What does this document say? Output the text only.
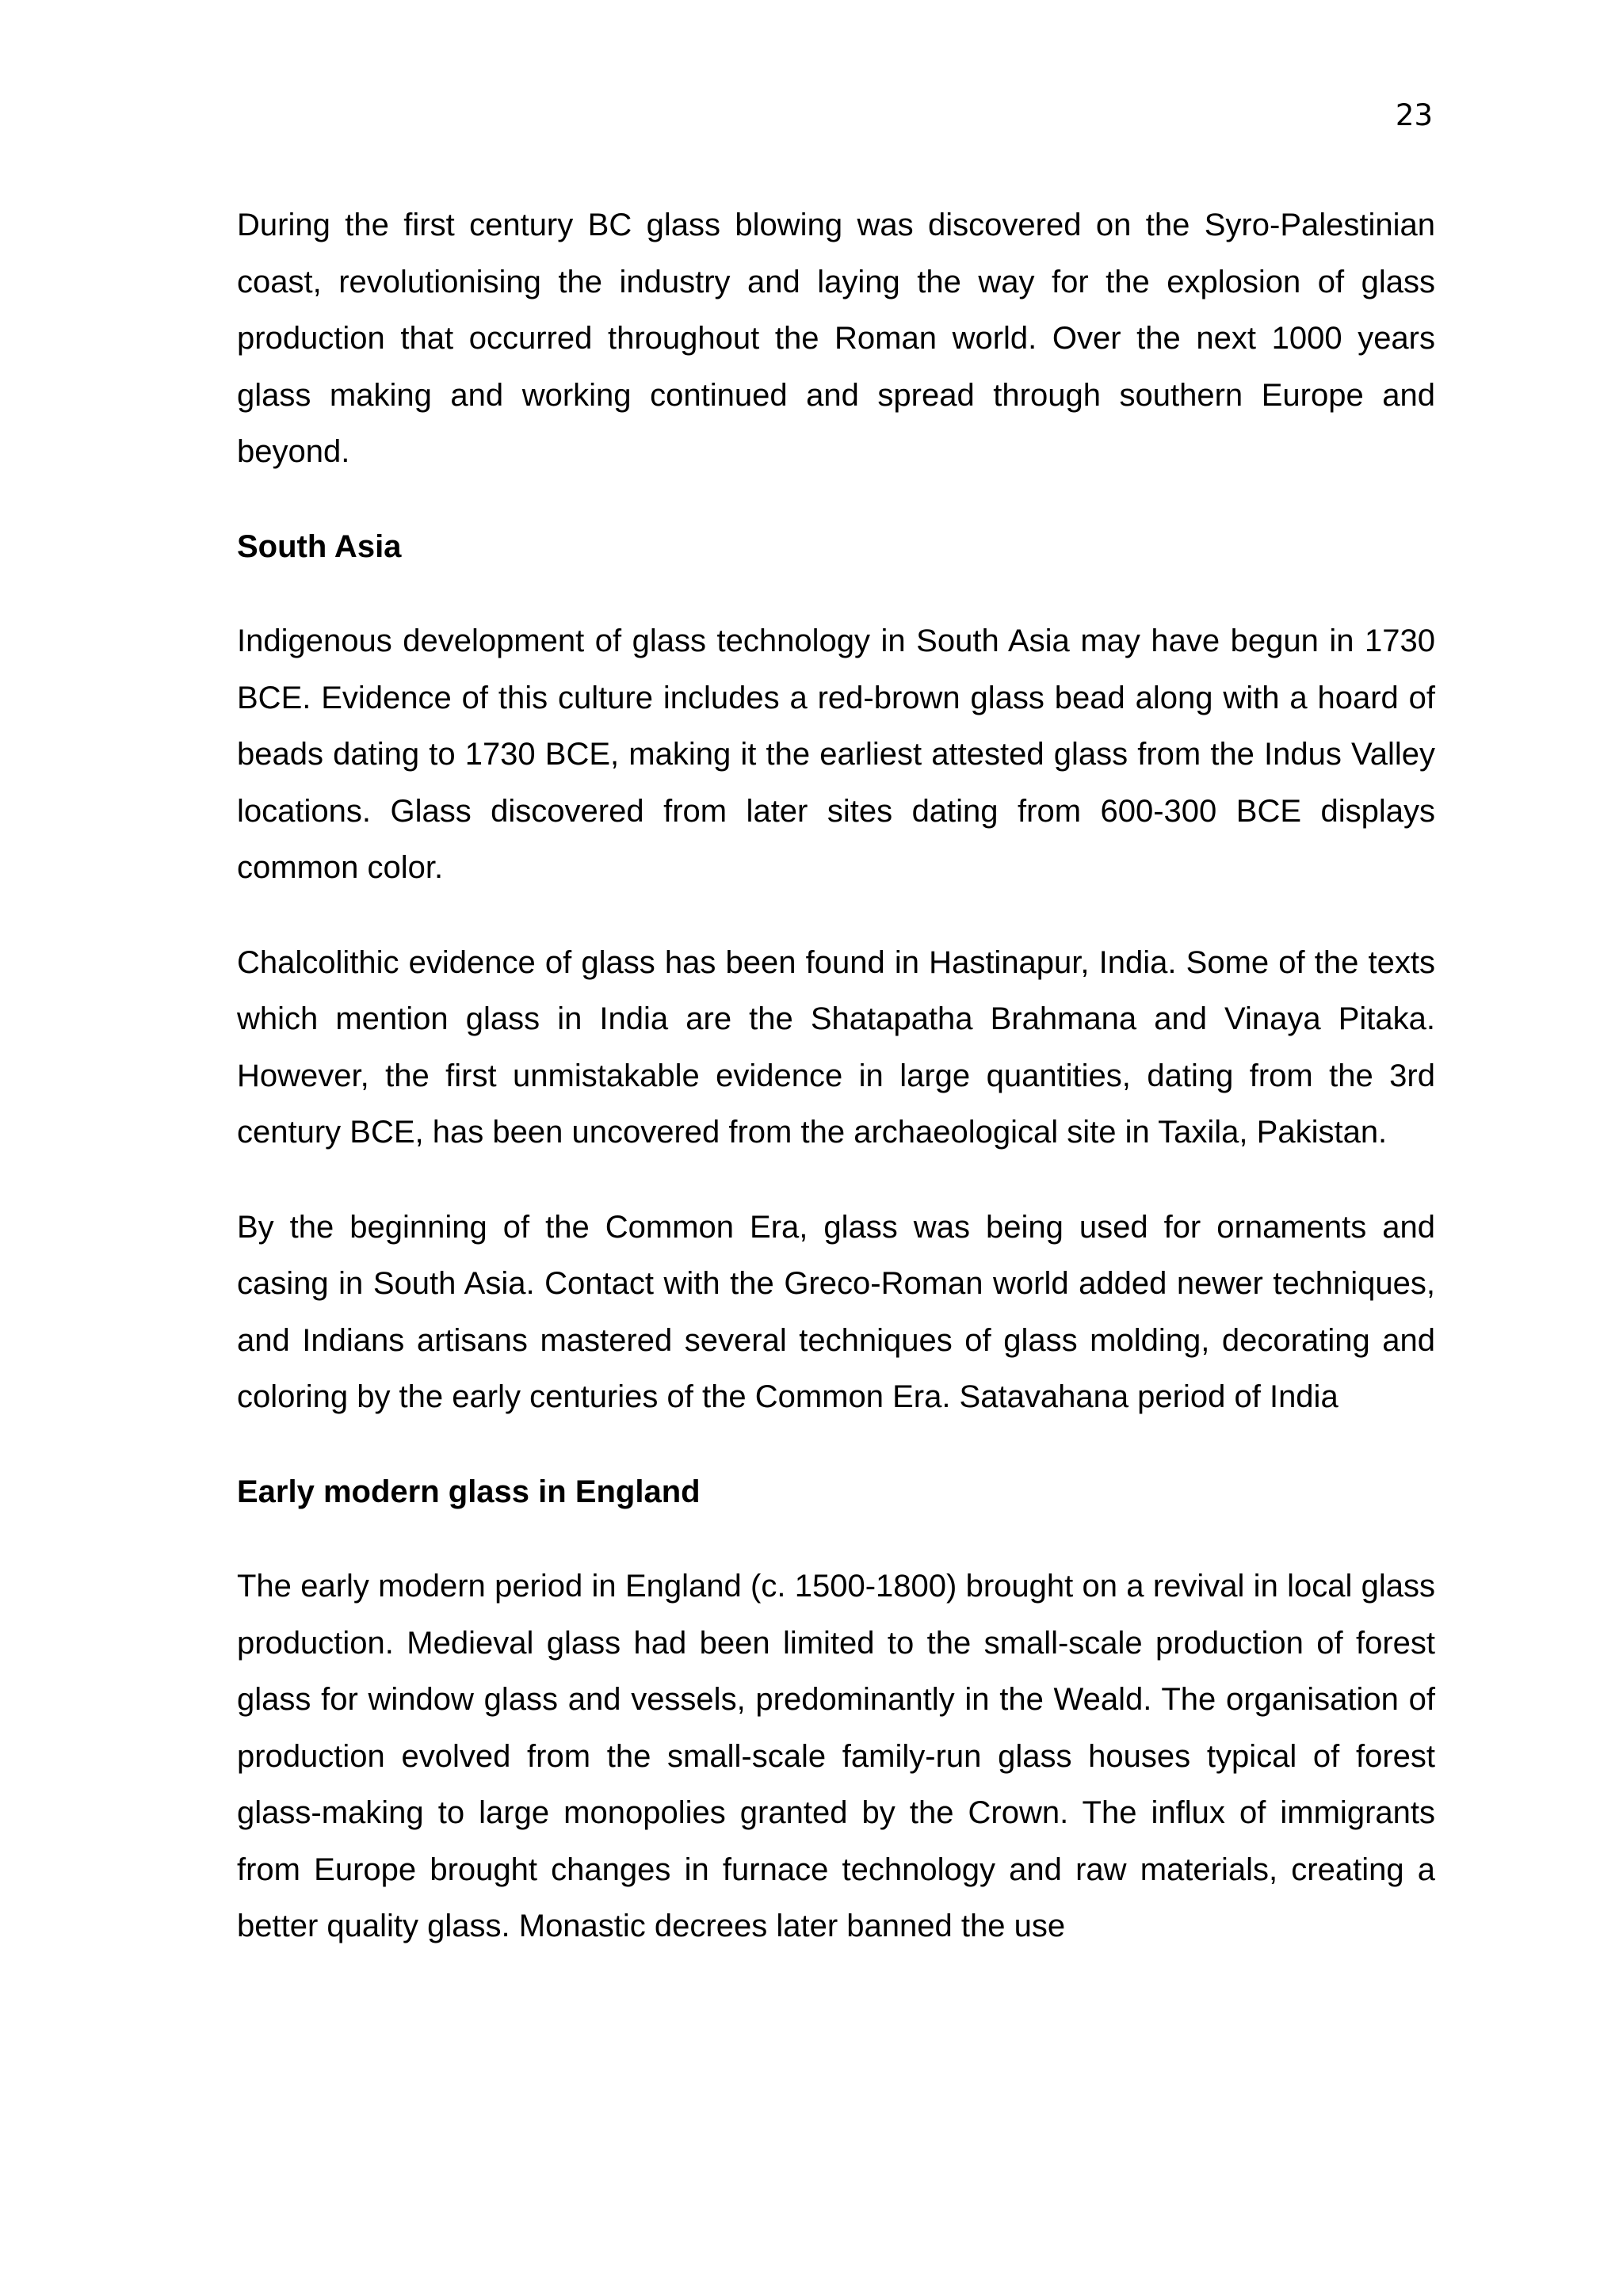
23

During the first century BC glass blowing was discovered on the Syro-Palestinian coast, revolutionising the industry and laying the way for the explosion of glass production that occurred throughout the Roman world. Over the next 1000 years glass making and working continued and spread through southern Europe and beyond.

South Asia

Indigenous development of glass technology in South Asia may have begun in 1730 BCE. Evidence of this culture includes a red-brown glass bead along with a hoard of beads dating to 1730 BCE, making it the earliest attested glass from the Indus Valley locations. Glass discovered from later sites dating from 600-300 BCE displays common color.

Chalcolithic evidence of glass has been found in Hastinapur, India. Some of the texts which mention glass in India are the Shatapatha Brahmana and Vinaya Pitaka. However, the first unmistakable evidence in large quantities, dating from the 3rd century BCE, has been uncovered from the archaeological site in Taxila, Pakistan.

By the beginning of the Common Era, glass was being used for ornaments and casing in South Asia. Contact with the Greco-Roman world added newer techniques, and Indians artisans mastered several techniques of glass molding, decorating and coloring by the early centuries of the Common Era. Satavahana period of India

Early modern glass in England

The early modern period in England (c. 1500-1800) brought on a revival in local glass production. Medieval glass had been limited to the small-scale production of forest glass for window glass and vessels, predominantly in the Weald. The organisation of production evolved from the small-scale family-run glass houses typical of forest glass-making to large monopolies granted by the Crown. The influx of immigrants from Europe brought changes in furnace technology and raw materials, creating a better quality glass. Monastic decrees later banned the use
